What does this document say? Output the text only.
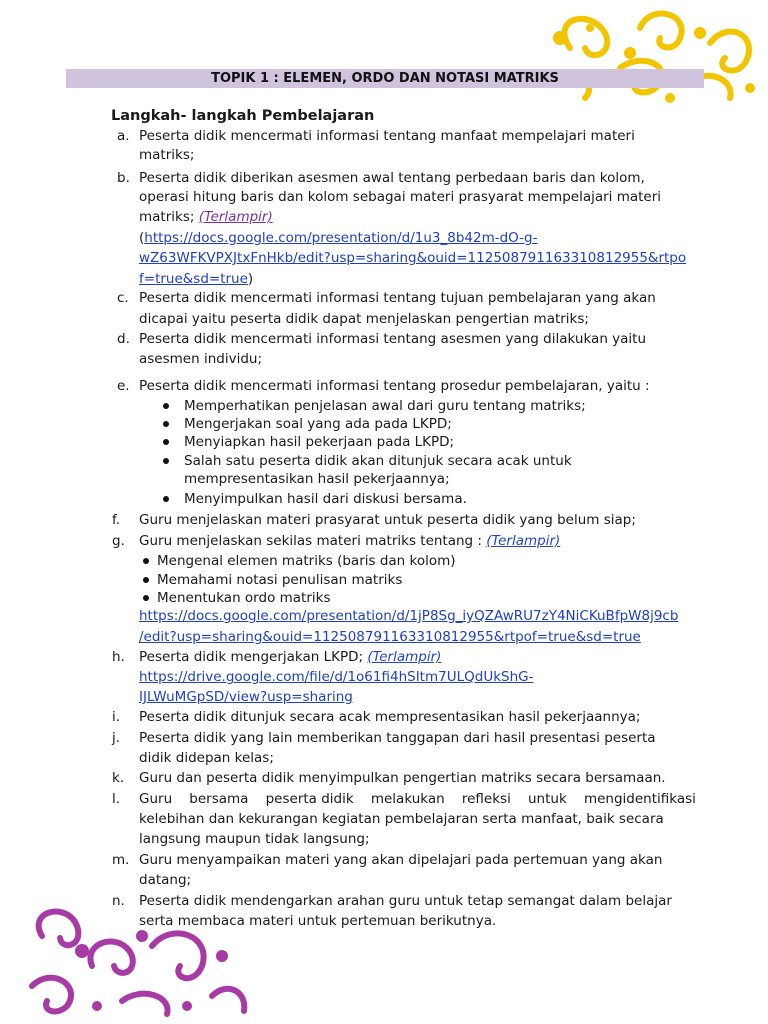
TOPIK 1 : ELEMEN, ORDO DAN NOTASI MATRIKS
Langkah- langkah Pembelajaran
a. Peserta didik mencermati informasi tentang manfaat mempelajari materi
matriks;
b. Peserta didik diberikan asesmen awal tentang perbedaan baris dan kolom,
operasi hitung baris dan kolom sebagai materi prasyarat mempelajari materi
matriks; (Terlampir)
(https://docs.google.com/presentation/d/1u3_8b42m-dO-g-
wZ63WFKVPXJtxFnHkb/edit?usp=sharing&ouid=112508791163310812955&rtpo
f=true&sd=true)
c. Peserta didik mencermati informasi tentang tujuan pembelajaran yang akan
dicapai yaitu peserta didik dapat menjelaskan pengertian matriks;
d. Peserta didik mencermati informasi tentang asesmen yang dilakukan yaitu
asesmen individu;
e. Peserta didik mencermati informasi tentang prosedur pembelajaran, yaitu :
Memperhatikan penjelasan awal dari guru tentang matriks;
Mengerjakan soal yang ada pada LKPD;
Menyiapkan hasil pekerjaan pada LKPD;
Salah satu peserta didik akan ditunjuk secara acak untuk
mempresentasikan hasil pekerjaannya;
Menyimpulkan hasil dari diskusi bersama.
f. Guru menjelaskan materi prasyarat untuk peserta didik yang belum siap;
g. Guru menjelaskan sekilas materi matriks tentang : (Terlampir)
Mengenal elemen matriks (baris dan kolom)
Memahami notasi penulisan matriks
Menentukan ordo matriks
https://docs.google.com/presentation/d/1jP8Sg_iyQZAwRU7zY4NiCKuBfpW8j9cb
/edit?usp=sharing&ouid=112508791163310812955&rtpof=true&sd=true
h. Peserta didik mengerjakan LKPD; (Terlampir)
https://drive.google.com/file/d/1o61fi4hSItm7ULQdUkShG-
IJLWuMGpSD/view?usp=sharing
i. Peserta didik ditunjuk secara acak mempresentasikan hasil pekerjaannya;
j. Peserta didik yang lain memberikan tanggapan dari hasil presentasi peserta
didik didepan kelas;
k. Guru dan peserta didik menyimpulkan pengertian matriks secara bersamaan.
l. Guru    bersama    peserta didik    melakukan    refleksi    untuk    mengidentifikasi
kelebihan dan kekurangan kegiatan pembelajaran serta manfaat, baik secara
langsung maupun tidak langsung;
m. Guru menyampaikan materi yang akan dipelajari pada pertemuan yang akan
datang;
n. Peserta didik mendengarkan arahan guru untuk tetap semangat dalam belajar
serta membaca materi untuk pertemuan berikutnya.
